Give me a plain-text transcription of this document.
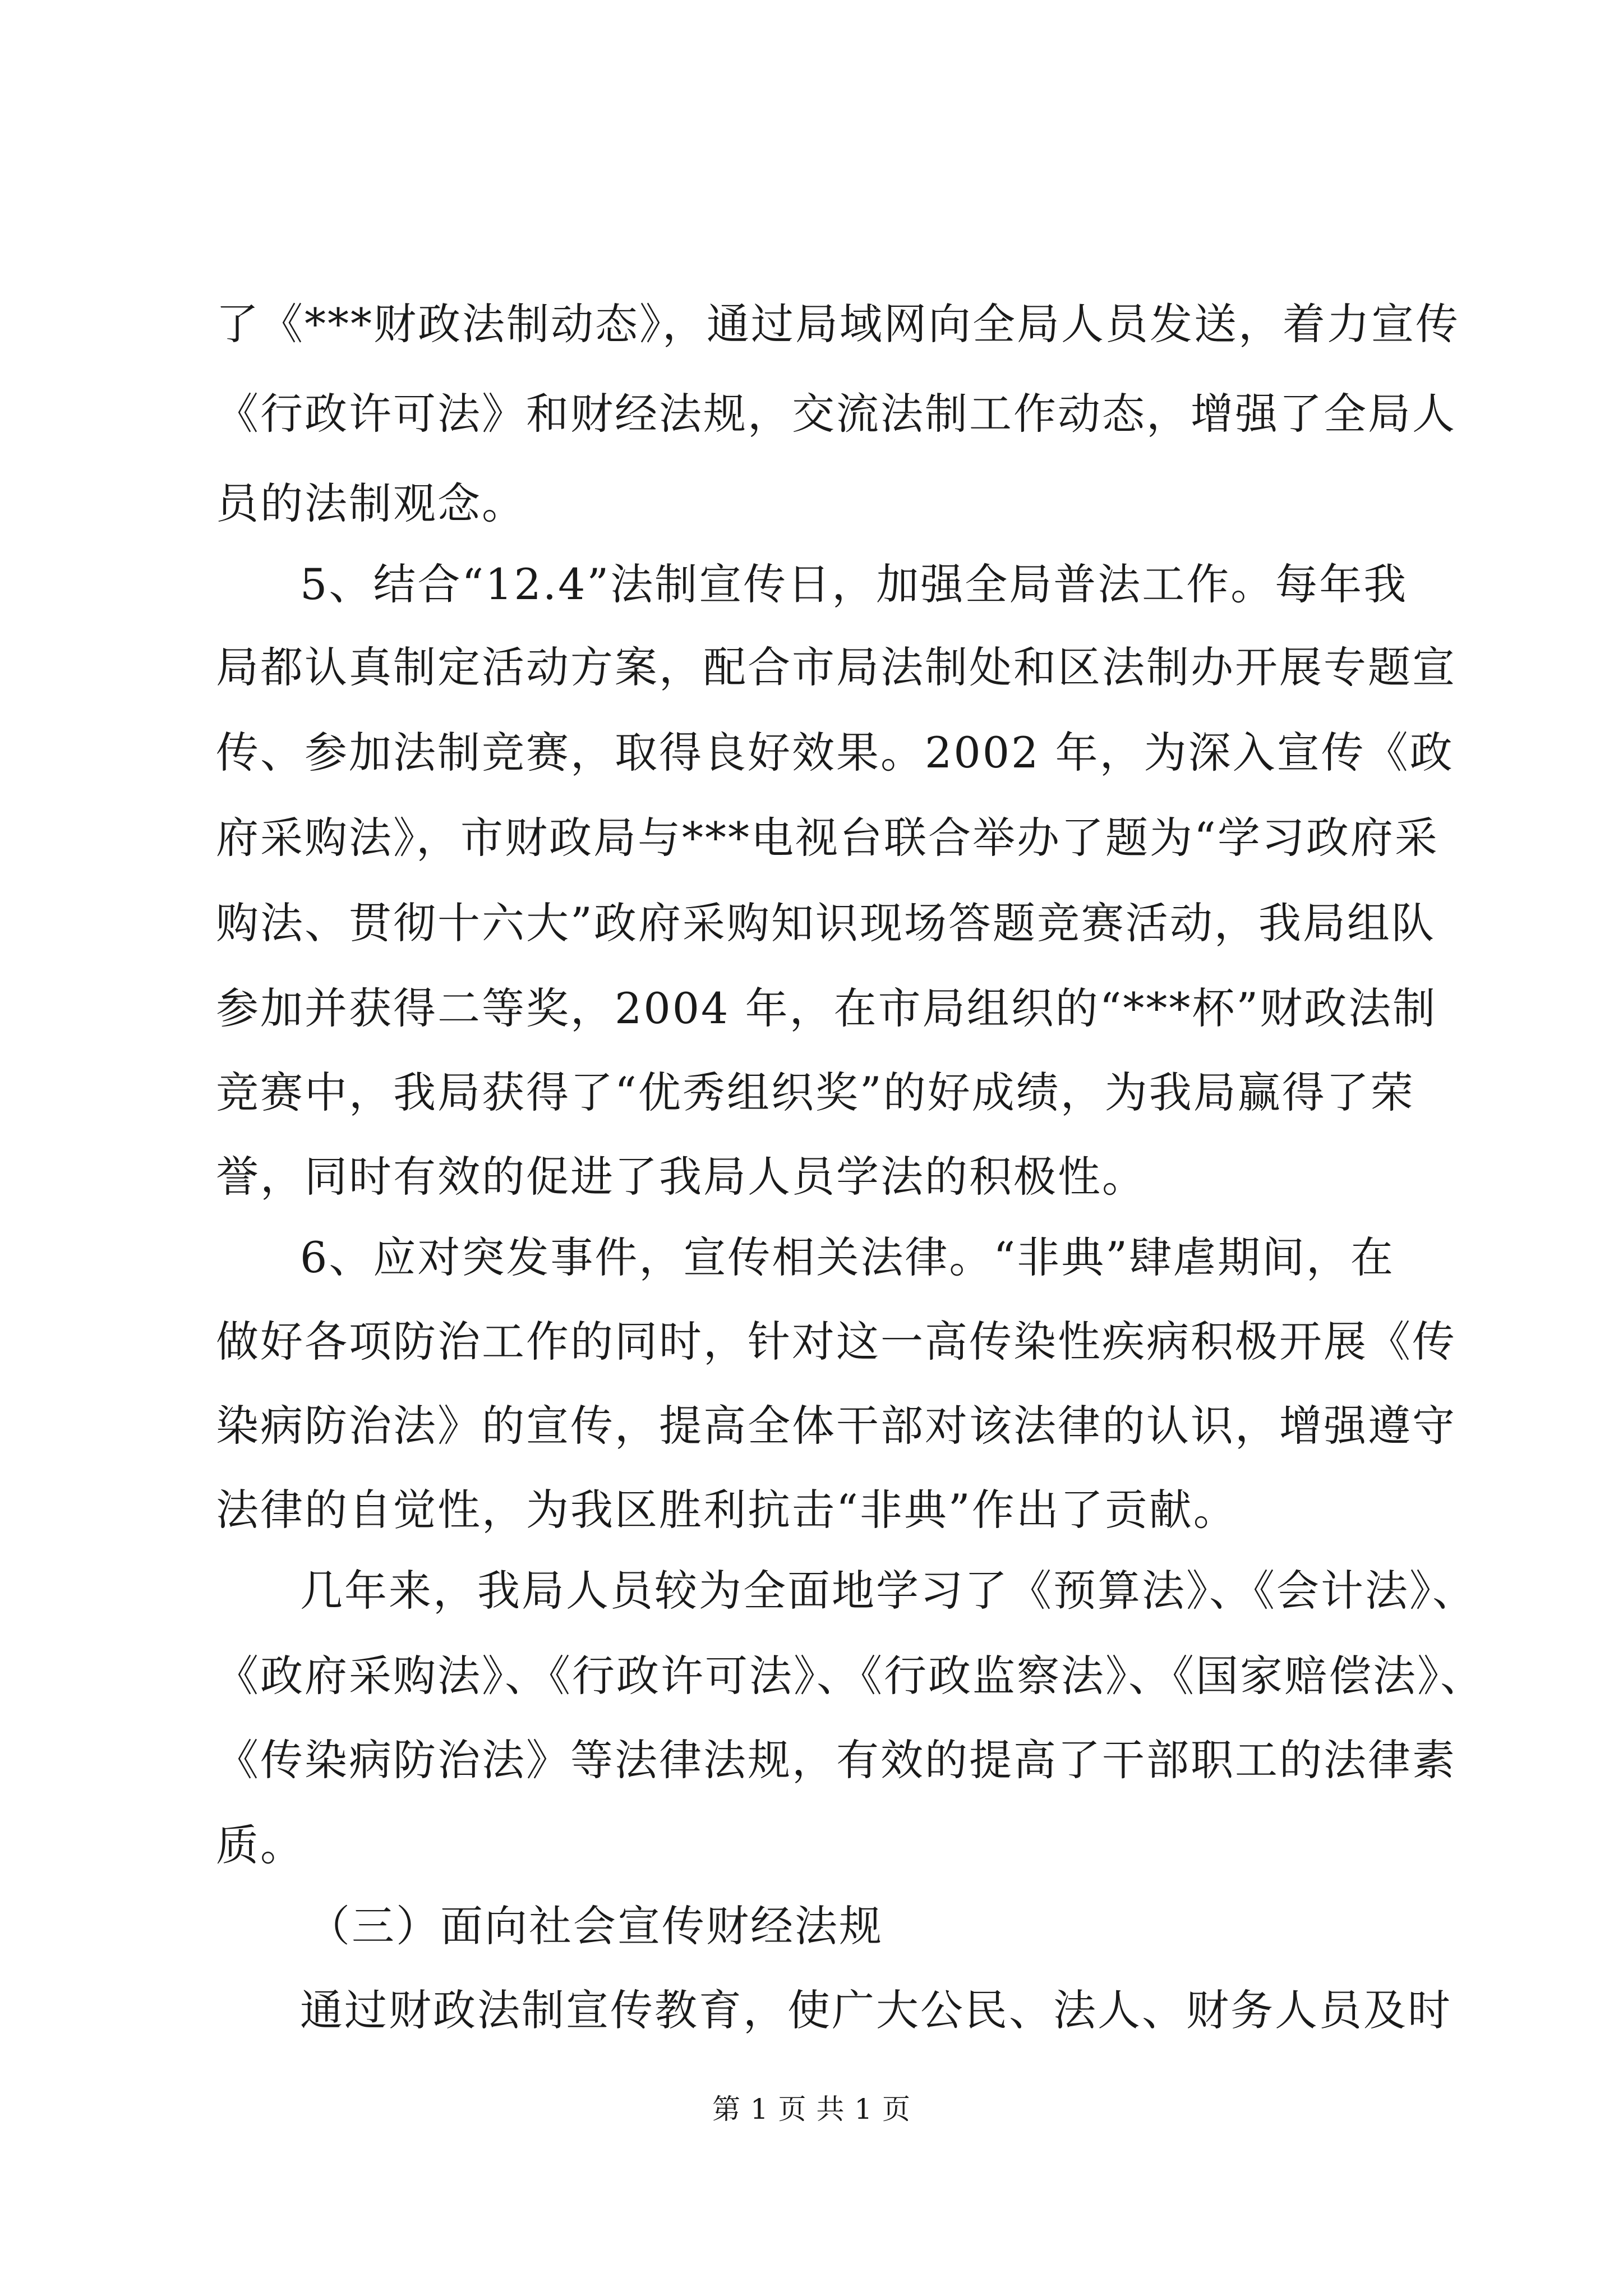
了《***财政法制动态》，通过局域网向全局人员发送，着力宣传
《行政许可法》和财经法规，交流法制工作动态，增强了全局人
员的法制观念。
5、结合“12.4”法制宣传日，加强全局普法工作。每年我
局都认真制定活动方案，配合市局法制处和区法制办开展专题宣
传、参加法制竞赛，取得良好效果。2002 年，为深入宣传《政
府采购法》，市财政局与***电视台联合举办了题为“学习政府采
购法、贯彻十六大”政府采购知识现场答题竞赛活动，我局组队
参加并获得二等奖，2004 年，在市局组织的“***杯”财政法制
竞赛中，我局获得了“优秀组织奖”的好成绩，为我局赢得了荣
誉，同时有效的促进了我局人员学法的积极性。
6、应对突发事件，宣传相关法律。“非典”肆虐期间，在
做好各项防治工作的同时，针对这一高传染性疾病积极开展《传
染病防治法》的宣传，提高全体干部对该法律的认识，增强遵守
法律的自觉性，为我区胜利抗击“非典”作出了贡献。
几年来，我局人员较为全面地学习了《预算法》、《会计法》、
《政府采购法》、《行政许可法》、《行政监察法》、《国家赔偿法》、
《传染病防治法》等法律法规，有效的提高了干部职工的法律素
质。
（三）面向社会宣传财经法规
通过财政法制宣传教育，使广大公民、法人、财务人员及时
第 1 页 共 1 页
